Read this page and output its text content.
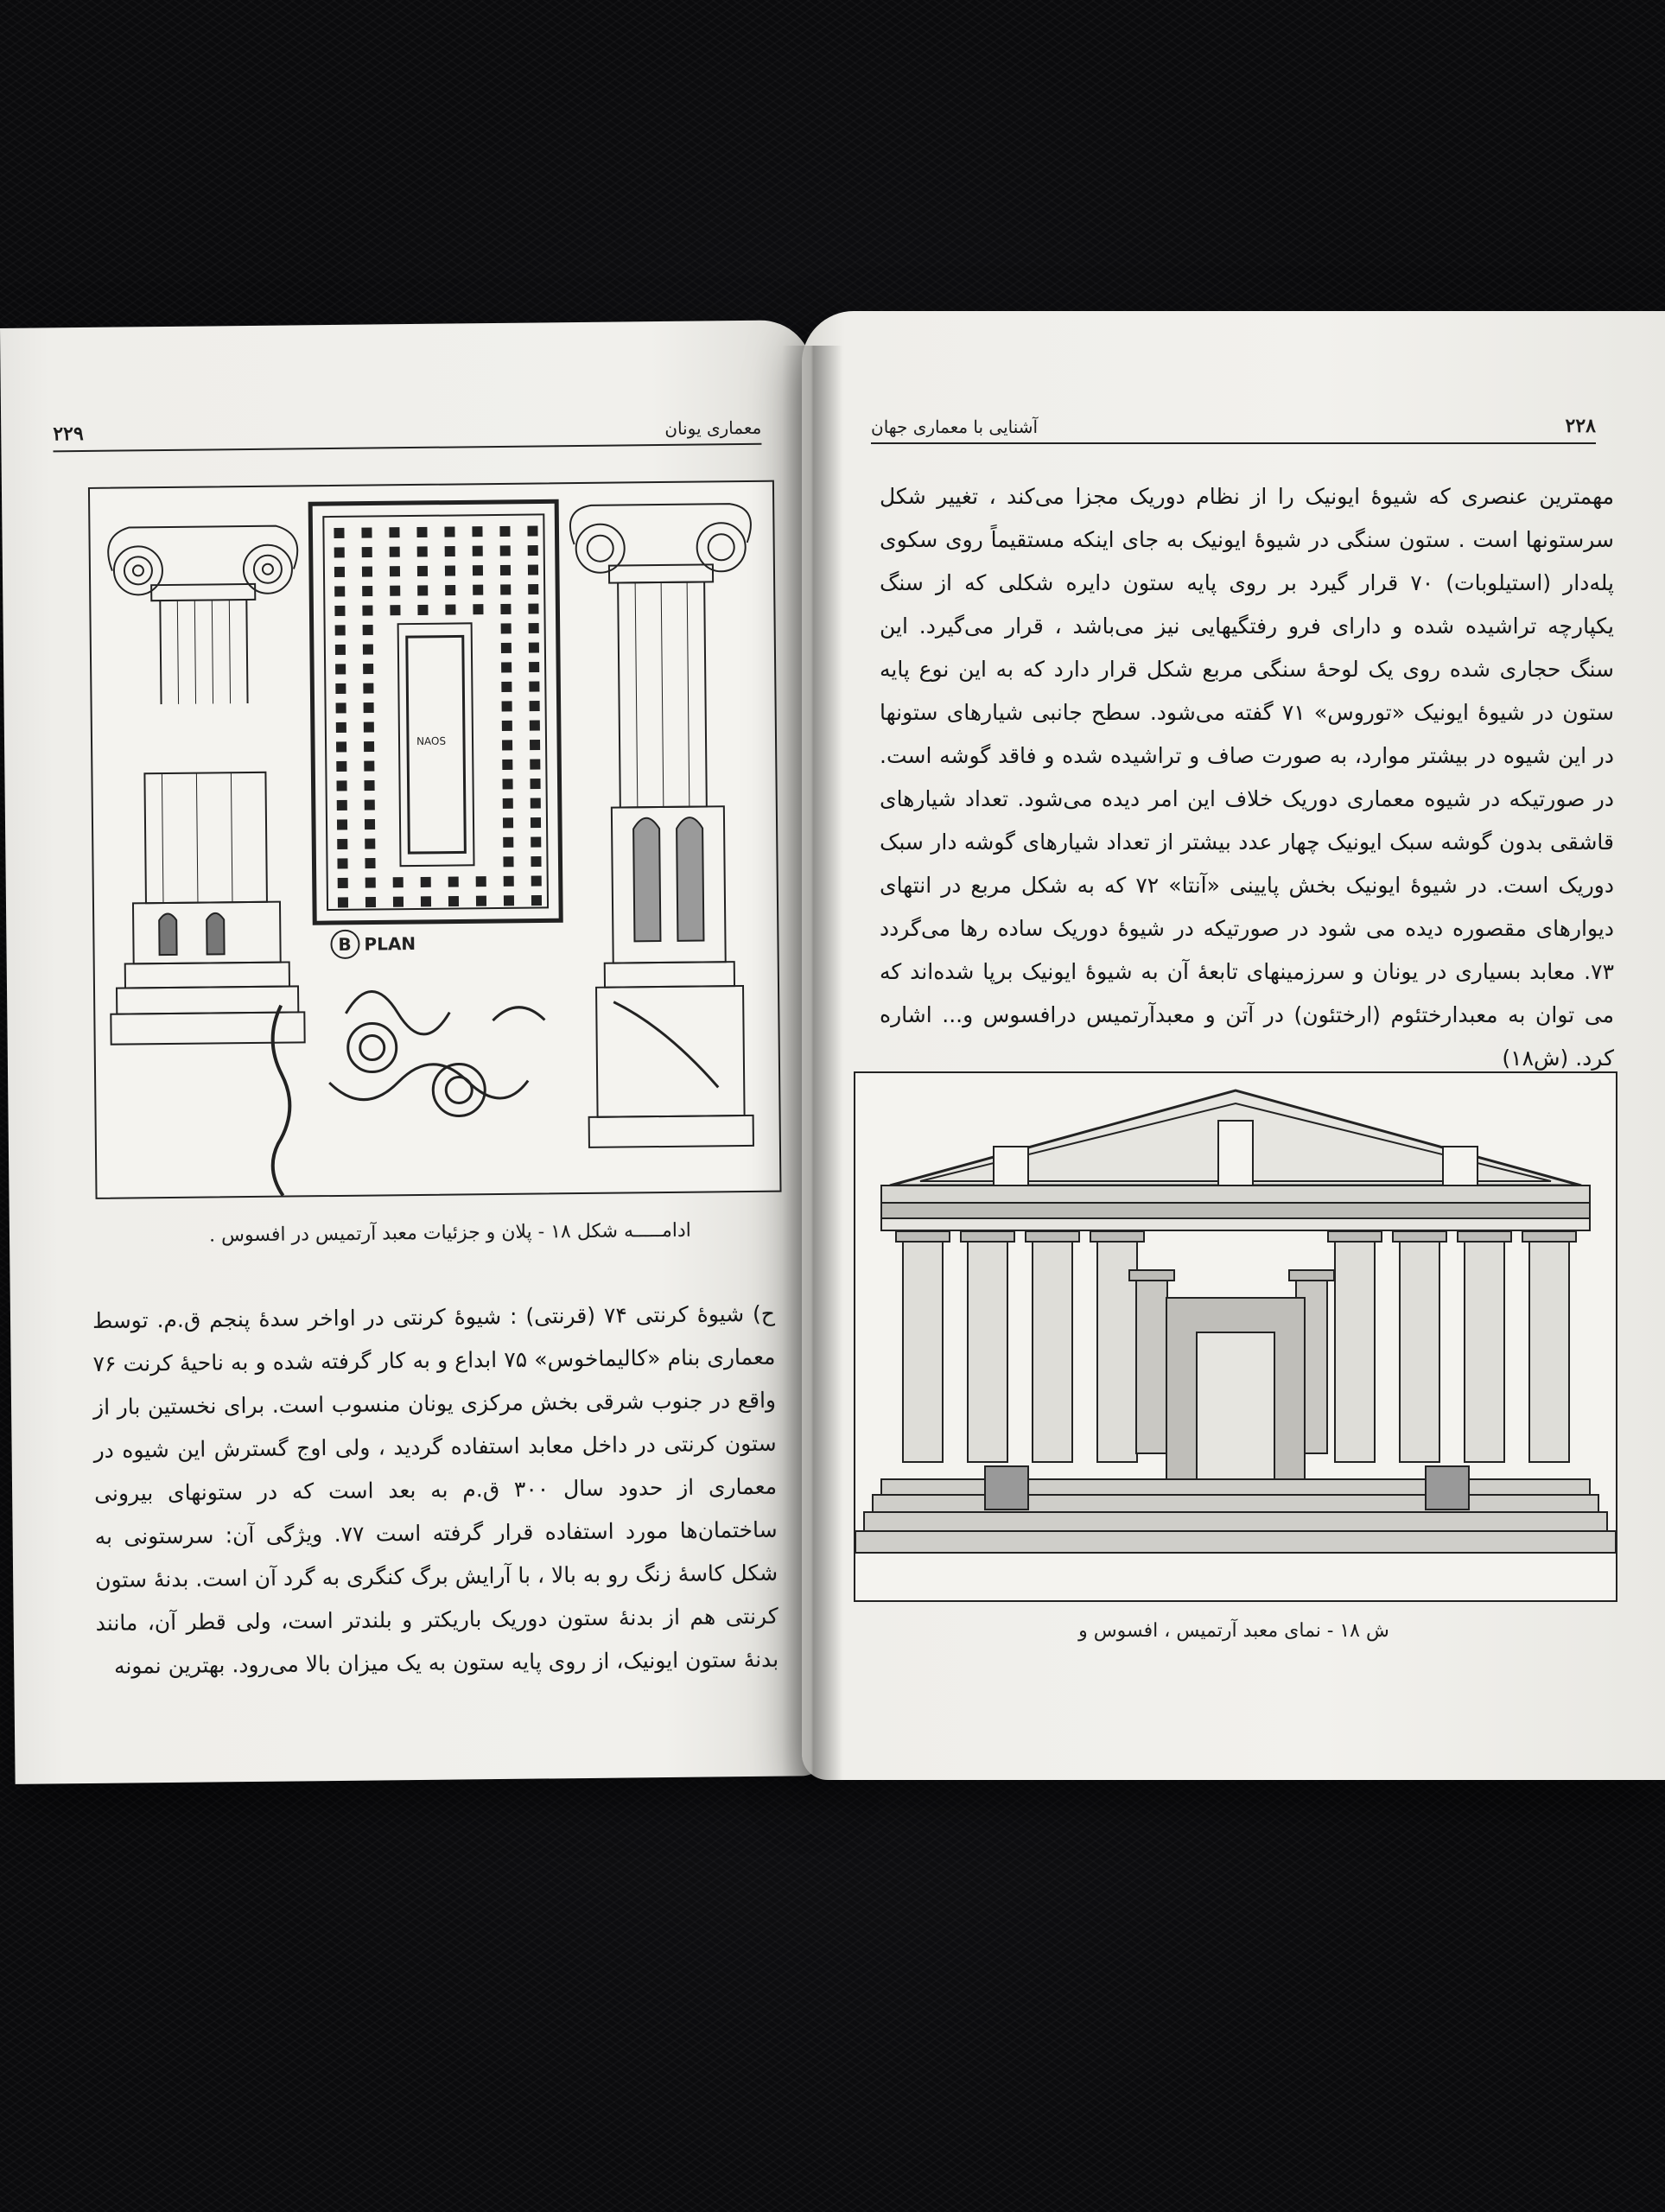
۲۲۹	معماری یونان
NAOS
B PLAN
ادامـــــه شکل ۱۸ - پلان و جزئیات معبد آرتمیس در افسوس .
ح) شیوهٔ کرنتی ۷۴ (قرنتی) : شیوهٔ کرنتی در اواخر سدهٔ پنجم ق.م. توسط معماری بنام «کالیماخوس» ۷۵ ابداع و به کار گرفته شده و به ناحیهٔ کرنت ۷۶ واقع در جنوب شرقی بخش مرکزی یونان منسوب است. برای نخستین بار از ستون کرنتی در داخل معابد استفاده گردید ، ولی اوج گسترش این شیوه در معماری از حدود سال ۳۰۰ ق.م به بعد است که در ستونهای بیرونی ساختمان‌ها مورد استفاده قرار گرفته است ۷۷. ویژگی آن: سرستونی به شکل کاسهٔ زنگ رو به بالا ، با آرایش برگ کنگری به گرد آن است. بدنهٔ ستون کرنتی هم از بدنهٔ ستون دوریک باریکتر و بلندتر است، ولی قطر آن، مانند بدنهٔ ستون ایونیک، از روی پایه ستون به یک میزان بالا می‌رود. بهترین نمونه
آشنایی با معماری جهان	۲۲۸
مهمترین عنصری که شیوهٔ ایونیک را از نظام دوریک مجزا می‌کند ، تغییر شکل سرستونها است . ستون سنگی در شیوهٔ ایونیک به جای اینکه مستقیماً روی سکوی پله‌دار (استیلوبات) ۷۰ قرار گیرد بر روی پایه ستون دایره شکلی که از سنگ یکپارچه تراشیده شده و دارای فرو رفتگیهایی نیز می‌باشد ، قرار می‌گیرد. این سنگ حجاری شده روی یک لوحهٔ سنگی مربع شکل قرار دارد که به این نوع پایه ستون در شیوهٔ ایونیک «توروس» ۷۱ گفته می‌شود. سطح جانبی شیارهای ستونها در این شیوه در بیشتر موارد، به صورت صاف و تراشیده شده و فاقد گوشه است. در صورتیکه در شیوه معماری دوریک خلاف این امر دیده می‌شود. تعداد شیارهای قاشقی بدون گوشه سبک ایونیک چهار عدد بیشتر از تعداد شیارهای گوشه دار سبک دوریک است. در شیوهٔ ایونیک بخش پایینی «آنتا» ۷۲ که به شکل مربع در انتهای دیوارهای مقصوره دیده می شود در صورتیکه در شیوهٔ دوریک ساده رها می‌گردد ۷۳. معابد بسیاری در یونان و سرزمینهای تابعهٔ آن به شیوهٔ ایونیک برپا شده‌اند که می توان به معبدارختئوم (ارختئون) در آتن و معبدآرتمیس درافسوس و... اشاره کرد. (ش۱۸)
ش ۱۸ - نمای معبد آرتمیس ، افسوس و
